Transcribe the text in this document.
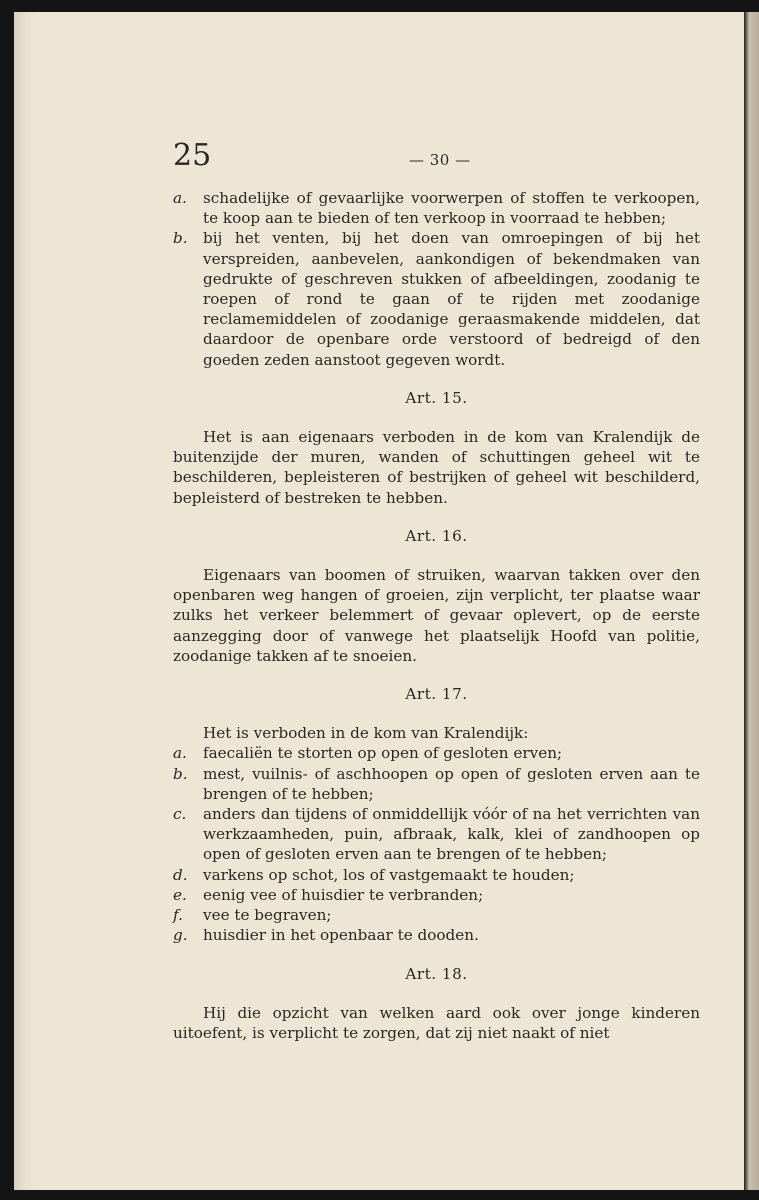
25	— 30 —
a. schadelijke of gevaarlijke voorwerpen of stoffen te verkoopen, te koop aan te bieden of ten verkoop in voorraad te hebben;
b. bij het venten, bij het doen van omroepingen of bij het verspreiden, aanbevelen, aankondigen of bekendmaken van gedrukte of geschreven stukken of afbeeldingen, zoodanig te roepen of rond te gaan of te rijden met zoodanige reclamemiddelen of zoodanige geraasmakende middelen, dat daardoor de openbare orde verstoord of bedreigd of den goeden zeden aanstoot gegeven wordt.
Art. 15.

Het is aan eigenaars verboden in de kom van Kralendijk de buitenzijde der muren, wanden of schuttingen geheel wit te beschilderen, bepleisteren of bestrijken of geheel wit beschilderd, bepleisterd of bestreken te hebben.

Art. 16.

Eigenaars van boomen of struiken, waarvan takken over den openbaren weg hangen of groeien, zijn verplicht, ter plaatse waar zulks het verkeer belemmert of gevaar oplevert, op de eerste aanzegging door of vanwege het plaatselijk Hoofd van politie, zoodanige takken af te snoeien.

Art. 17.

Het is verboden in de kom van Kralendijk:

a. faecaliën te storten op open of gesloten erven;
b. mest, vuilnis- of aschhoopen op open of gesloten erven aan te brengen of te hebben;
c. anders dan tijdens of onmiddellijk vóór of na het verrichten van werkzaamheden, puin, afbraak, kalk, klei of zandhoopen op open of gesloten erven aan te brengen of te hebben;
d. varkens op schot, los of vastgemaakt te houden;
e. eenig vee of huisdier te verbranden;
f. vee te begraven;
g. huisdier in het openbaar te dooden.
Art. 18.

Hij die opzicht van welken aard ook over jonge kinderen uitoefent, is verplicht te zorgen, dat zij niet naakt of niet
